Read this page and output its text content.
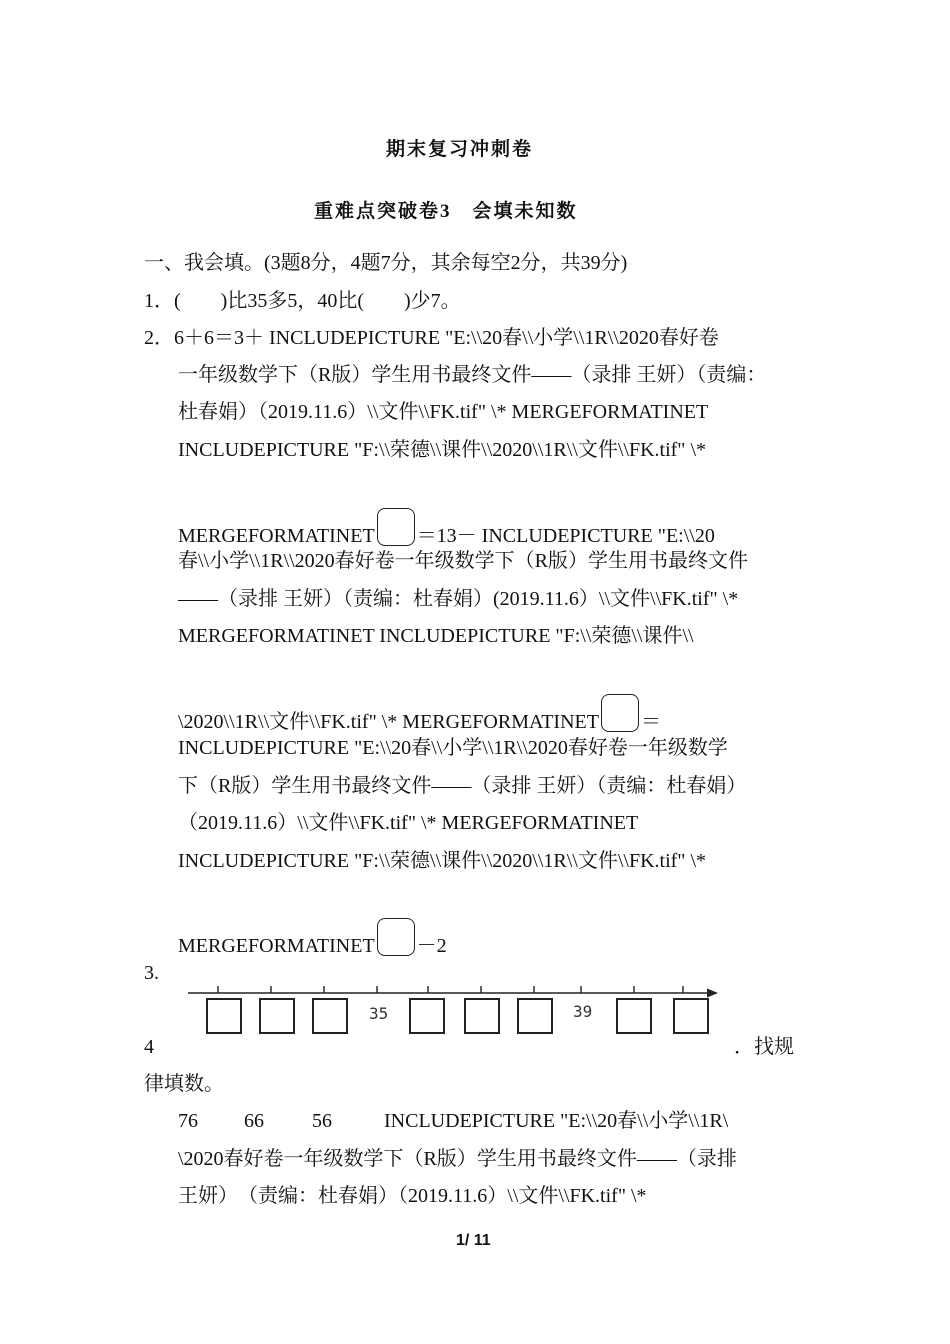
期末复习冲刺卷
重难点突破卷3　会填未知数
一、我会填。(3题8分，4题7分，其余每空2分，共39分)
1．(　　)比35多5，40比(　　)少7。
2．6＋6＝3＋ INCLUDEPICTURE "E:\\20春\\小学\\1R\\2020春好卷
一年级数学下（R版）学生用书最终文件——（录排 王妍）（责编：
杜春娟）（2019.11.6）\\文件\\FK.tif" \* MERGEFORMATINET
INCLUDEPICTURE "F:\\荣德\\课件\\2020\\1R\\文件\\FK.tif" \*
MERGEFORMATINET ＝13－ INCLUDEPICTURE "E:\\20
春\\小学\\1R\\2020春好卷一年级数学下（R版）学生用书最终文件
——（录排 王妍）（责编：杜春娟）(2019.11.6）\\文件\\FK.tif" \*
MERGEFORMATINET INCLUDEPICTURE "F:\\荣德\\课件\\
\2020\\1R\\文件\\FK.tif" \* MERGEFORMATINET ＝
INCLUDEPICTURE "E:\\20春\\小学\\1R\\2020春好卷一年级数学
下（R版）学生用书最终文件——（录排 王妍）（责编：杜春娟）
（2019.11.6）\\文件\\FK.tif" \* MERGEFORMATINET
INCLUDEPICTURE "F:\\荣德\\课件\\2020\\1R\\文件\\FK.tif" \*
MERGEFORMATINET －2
3.
35	39
4	．找规
律填数。
76 66 56	INCLUDEPICTURE "E:\\20春\\小学\\1R\
\2020春好卷一年级数学下（R版）学生用书最终文件——（录排
王妍）　（责编：杜春娟）（2019.11.6）\\文件\\FK.tif" \*
1/ 11
